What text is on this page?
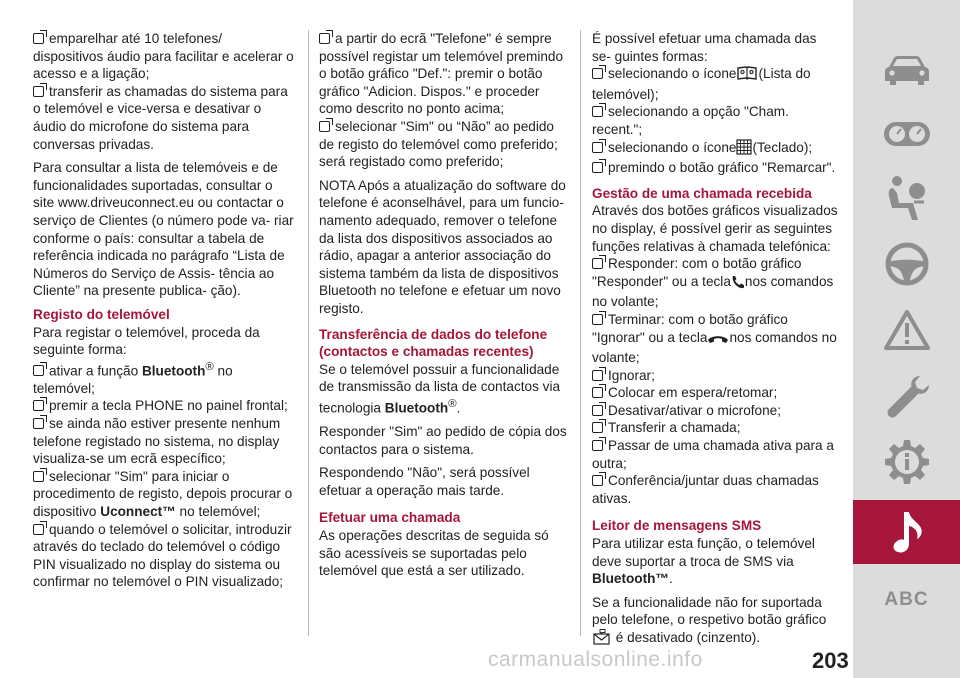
emparelhar até 10 telefones/ dispositivos áudio para facilitar e acelerar o acesso e a ligação;

transferir as chamadas do sistema para o telemóvel e vice-versa e desativar o áudio do microfone do sistema para conversas privadas.

Para consultar a lista de telemóveis e de funcionalidades suportadas, consultar o site www.driveuconnect.eu ou contactar o serviço de Clientes (o número pode va- riar conforme o país: consultar a tabela de referência indicada no parágrafo “Lista de Números do Serviço de Assis- tência ao Cliente” na presente publica- ção).

Registo do telemóvel

Para registar o telemóvel, proceda da seguinte forma:

ativar a função Bluetooth® no telemóvel;

premir a tecla PHONE no painel frontal;

se ainda não estiver presente nenhum telefone registado no sistema, no display visualiza-se um ecrã específico;

selecionar "Sim" para iniciar o procedimento de registo, depois procurar o dispositivo Uconnect™ no telemóvel;

quando o telemóvel o solicitar, introduzir através do teclado do telemóvel o código PIN visualizado no display do sistema ou confirmar no telemóvel o PIN visualizado;

a partir do ecrã "Telefone" é sempre possível registar um telemóvel premindo o botão gráfico "Def.": premir o botão gráfico "Adicion. Dispos." e proceder como descrito no ponto acima;

selecionar "Sim" ou “Não” ao pedido de registo do telemóvel como preferido; será registado como preferido;

NOTA Após a atualização do software do telefone é aconselhável, para um funcio- namento adequado, remover o telefone da lista dos dispositivos associados ao rádio, apagar a anterior associação do sistema também da lista de dispositivos Bluetooth no telefone e efetuar um novo registo.

Transferência de dados do telefone (contactos e chamadas recentes)

Se o telemóvel possuir a funcionalidade de transmissão da lista de contactos via tecnologia Bluetooth®.

Responder "Sim" ao pedido de cópia dos contactos para o sistema.

Respondendo "Não", será possível efetuar a operação mais tarde.

Efetuar uma chamada

As operações descritas de seguida só são acessíveis se suportadas pelo telemóvel que está a ser utilizado.

É possível efetuar uma chamada das se- guintes formas:

selecionando o ícone (Lista do telemóvel);

selecionando a opção "Cham. recent.";

selecionando o ícone (Teclado);

premindo o botão gráfico "Remarcar".

Gestão de uma chamada recebida

Através dos botões gráficos visualizados no display, é possível gerir as seguintes funções relativas à chamada telefónica:

Responder: com o botão gráfico "Responder" ou a tecla nos comandos no volante;

Terminar: com o botão gráfico "Ignorar" ou a tecla nos comandos no volante;

Ignorar;

Colocar em espera/retomar;

Desativar/ativar o microfone;

Transferir a chamada;

Passar de uma chamada ativa para a outra;

Conferência/juntar duas chamadas ativas.

Leitor de mensagens SMS

Para utilizar esta função, o telemóvel deve suportar a troca de SMS via
Bluetooth™.

Se a funcionalidade não for suportada pelo telefone, o respetivo botão gráfico
é desativado (cinzento).

ABC
carmanualsonline.info	203
